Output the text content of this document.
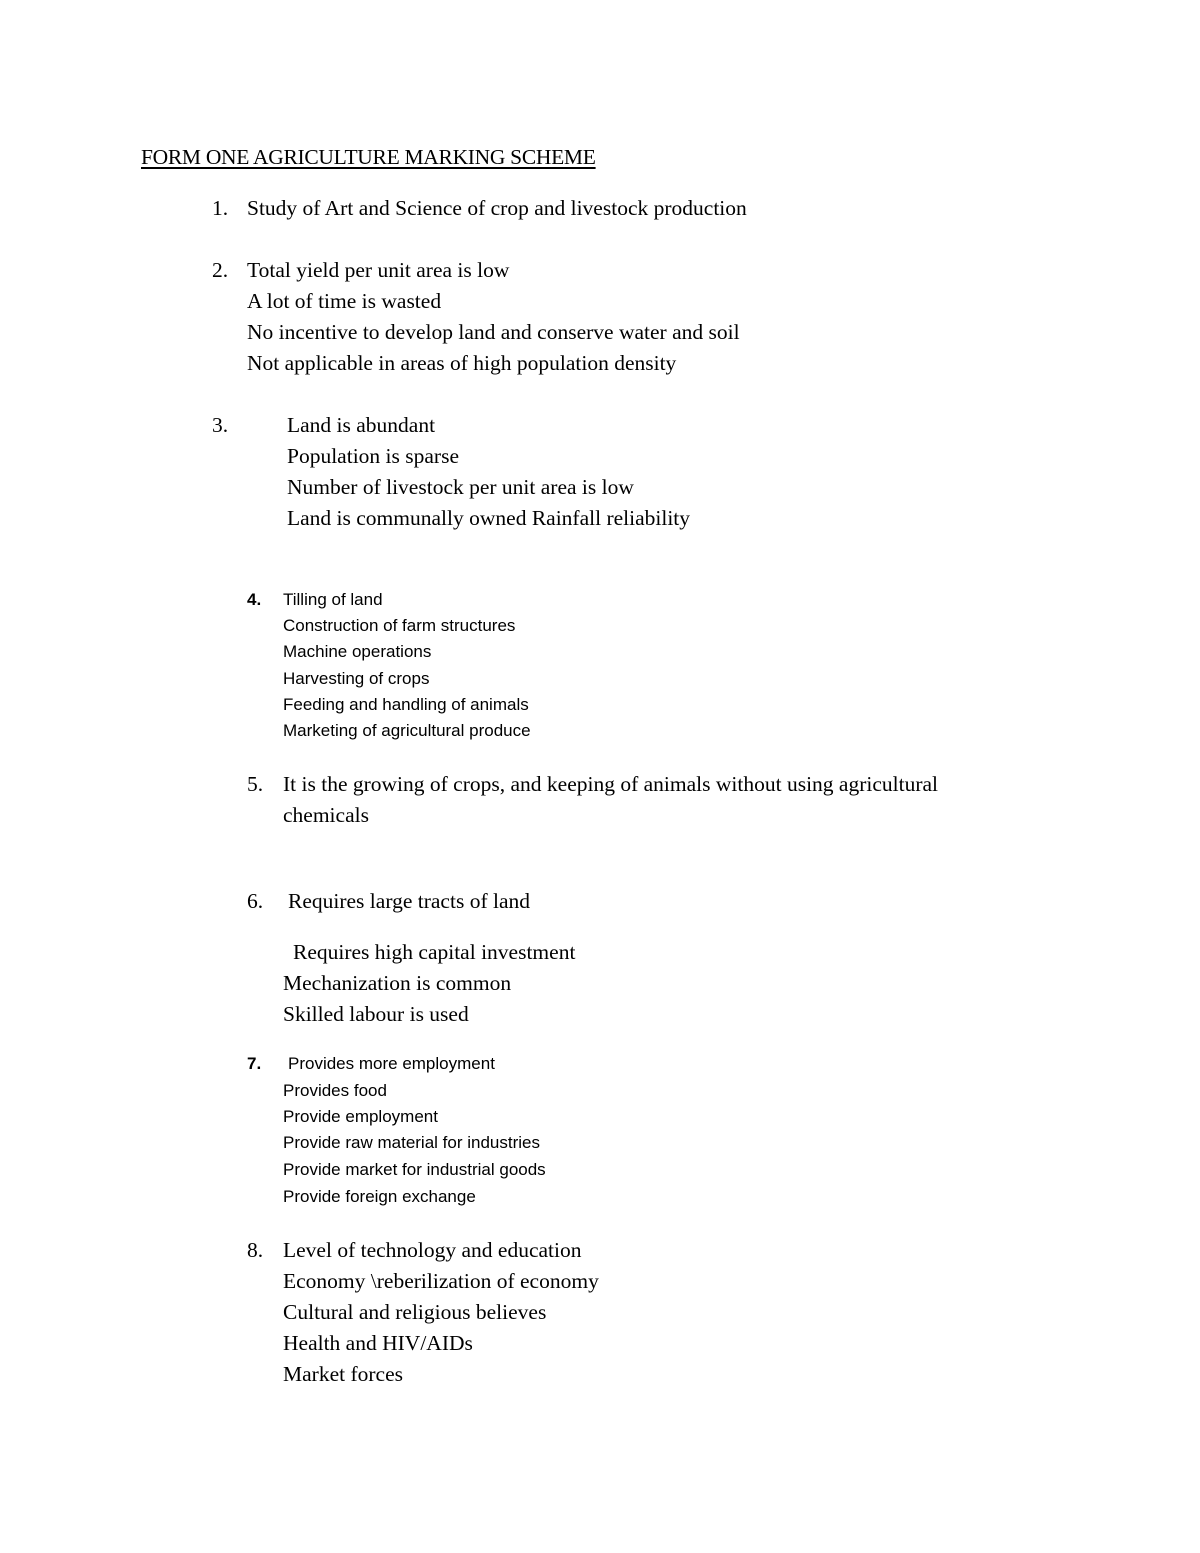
FORM ONE AGRICULTURE MARKING SCHEME
1. Study of Art and Science of crop and livestock production
2. Total yield per unit area is low
A lot of time is wasted
No incentive to develop land and conserve water and soil
Not applicable in areas of high population density
3.	Land is abundant
Population is sparse
Number of livestock per unit area is low
Land is communally owned Rainfall reliability
4. Tilling of land
Construction of farm structures
Machine operations
Harvesting of crops
Feeding and handling of animals
Marketing of agricultural produce
5. It is the growing of crops, and keeping of animals without using agricultural
chemicals
6. Requires large tracts of land
Requires high capital investment
Mechanization is common
Skilled labour is used
7. Provides more employment
Provides food
Provide employment
Provide raw material for industries
Provide market for industrial goods
Provide foreign exchange
8. Level of technology and education
Economy \reberilization of economy
Cultural and religious believes
Health and HIV/AIDs
Market forces
